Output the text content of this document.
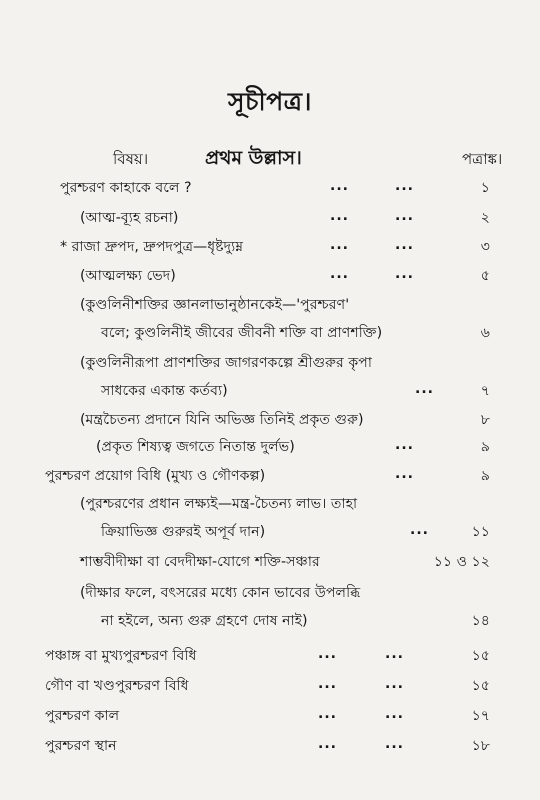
সূচীপত্র।
বিষয়।	প্রথম উল্লাস।	পত্রাঙ্ক।
পুরশ্চরণ কাহাকে বলে ?	...	...	১
(আত্ম-ব্যূহ রচনা)	...	...	২
* রাজা দ্রুপদ, দ্রুপদপুত্র—ধৃষ্টদ্যুম্ন	...	...	৩
(আত্মলক্ষ্য ভেদ)	...	...	৫
(কুণ্ডলিনীশক্তির জ্ঞানলাভানুষ্ঠানকেই—'পুরশ্চরণ'
বলে; কুণ্ডলিনীই জীবের জীবনী শক্তি বা প্রাণশক্তি)	৬
(কুণ্ডলিনীরূপা প্রাণশক্তির জাগরণকল্পে শ্রীগুরুর কৃপা
সাধকের একান্ত কর্তব্য)	...	৭
(মন্ত্রচৈতন্য প্রদানে যিনি অভিজ্ঞ তিনিই প্রকৃত গুরু)	৮
(প্রকৃত শিষ্যত্ব জগতে নিতান্ত দুর্লভ)	...	৯
পুরশ্চরণ প্রয়োগ বিধি (মুখ্য ও গৌণকল্প)	...	৯
(পুরশ্চরণের প্রধান লক্ষ্যই—মন্ত্র-চৈতন্য লাভ। তাহা
ক্রিয়াভিজ্ঞ গুরুরই অপূর্ব দান)	...	১১
শাম্ভবীদীক্ষা বা বেদদীক্ষা-যোগে শক্তি-সঞ্চার	১১ ও ১২
(দীক্ষার ফলে, বৎসরের মধ্যে কোন ভাবের উপলব্ধি
না হইলে, অন্য গুরু গ্রহণে দোষ নাই)	১৪
পঞ্চাঙ্গ বা মুখ্যপুরশ্চরণ বিধি	...	...	১৫
গৌণ বা খণ্ডপুরশ্চরণ বিধি	...	...	১৫
পুরশ্চরণ কাল	...	...	১৭
পুরশ্চরণ স্থান	...	...	১৮
